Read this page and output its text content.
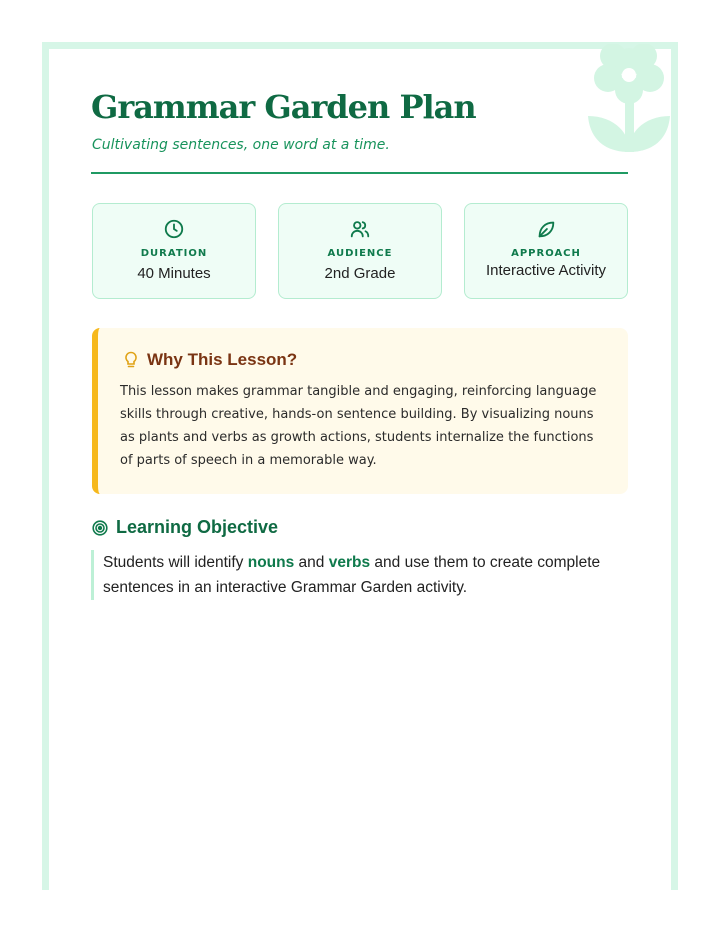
Grammar Garden Plan

Cultivating sentences, one word at a time.

DURATION
40 Minutes
AUDIENCE
2nd Grade
APPROACH
Interactive Activity
Why This Lesson?

This lesson makes grammar tangible and engaging, reinforcing language skills through creative, hands-on sentence building. By visualizing nouns as plants and verbs as growth actions, students internalize the functions of parts of speech in a memorable way.

Learning Objective
Students will identify nouns and verbs and use them to create complete sentences in an interactive Grammar Garden activity.
